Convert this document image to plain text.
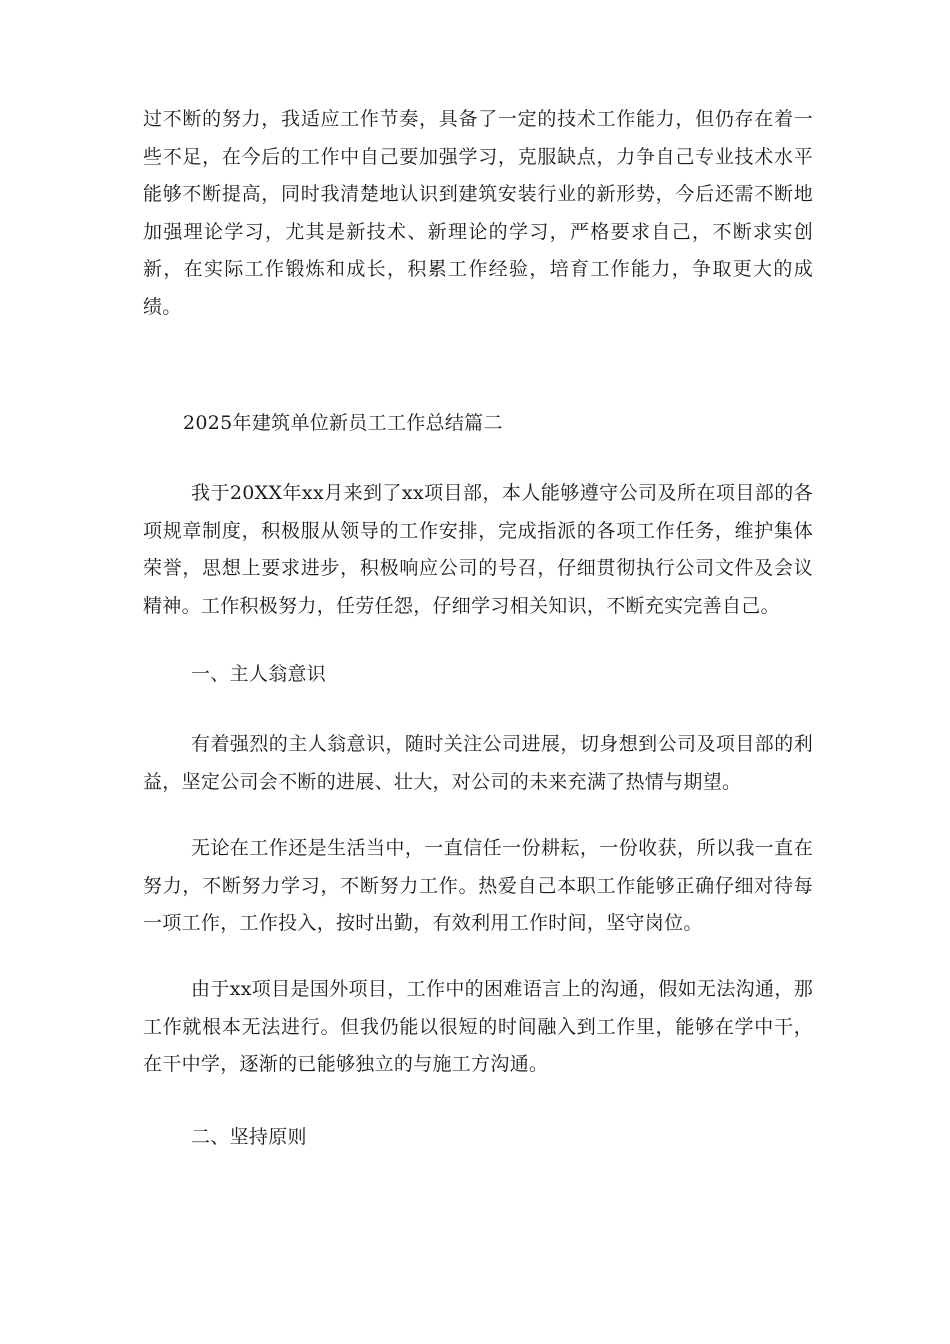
过不断的努力，我适应工作节奏，具备了一定的技术工作能力，但仍存在着一些不足，在今后的工作中自己要加强学习，克服缺点，力争自己专业技术水平能够不断提高，同时我清楚地认识到建筑安装行业的新形势，今后还需不断地加强理论学习，尤其是新技术、新理论的学习，严格要求自己，不断求实创新，在实际工作锻炼和成长，积累工作经验，培育工作能力，争取更大的成绩。

2025年建筑单位新员工工作总结篇二

我于20XX年xx月来到了xx项目部，本人能够遵守公司及所在项目部的各项规章制度，积极服从领导的工作安排，完成指派的各项工作任务，维护集体荣誉，思想上要求进步，积极响应公司的号召，仔细贯彻执行公司文件及会议精神。工作积极努力，任劳任怨，仔细学习相关知识，不断充实完善自己。

一、主人翁意识

有着强烈的主人翁意识，随时关注公司进展，切身想到公司及项目部的利益，坚定公司会不断的进展、壮大，对公司的未来充满了热情与期望。

无论在工作还是生活当中，一直信任一份耕耘，一份收获，所以我一直在努力，不断努力学习，不断努力工作。热爱自己本职工作能够正确仔细对待每一项工作，工作投入，按时出勤，有效利用工作时间，坚守岗位。

由于xx项目是国外项目，工作中的困难语言上的沟通，假如无法沟通，那工作就根本无法进行。但我仍能以很短的时间融入到工作里，能够在学中干，在干中学，逐渐的已能够独立的与施工方沟通。

二、坚持原则
